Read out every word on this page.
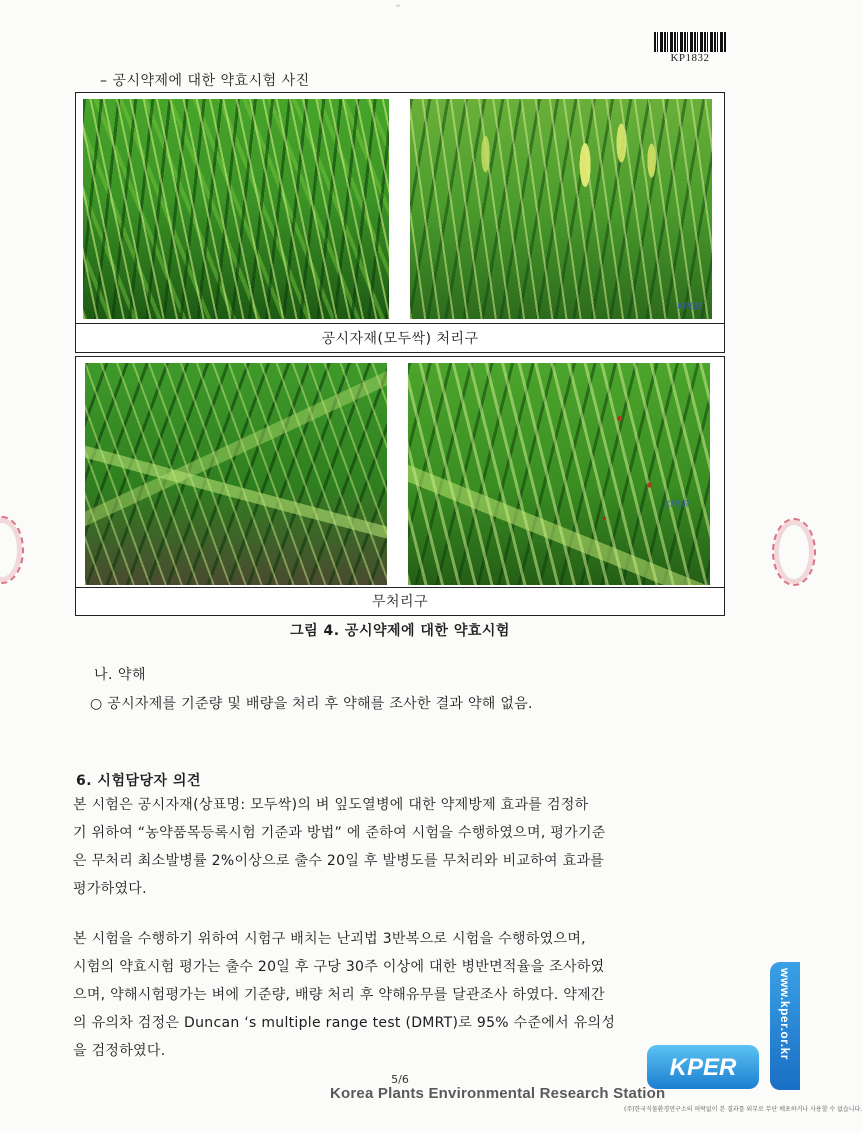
ᵕ
KP1832
– 공시약제에 대한 약효시험 사진
KPER
공시자재(모두싹) 처리구
KPER
무처리구
그림 4. 공시약제에 대한 약효시험
나. 약해
○ 공시자제를 기준량 및 배량을 처리 후 약해를 조사한 결과 약해 없음.
6. 시험담당자 의견
본 시험은 공시자재(상표명: 모두싹)의 벼 잎도열병에 대한 약제방제 효과를 검정하
기 위하여 “농약품목등록시험 기준과 방법” 에 준하여 시험을 수행하였으며, 평가기준
은 무처리 최소발병률 2%이상으로 출수 20일 후 발병도를 무처리와 비교하여 효과를
평가하였다.
본 시험을 수행하기 위하여 시험구 배치는 난괴법 3반복으로 시험을 수행하였으며,
시험의 약효시험 평가는 출수 20일 후 구당 30주 이상에 대한 병반면적율을 조사하였
으며, 약해시험평가는 벼에 기준량, 배량 처리 후 약해유무를 달관조사 하였다. 약제간
의 유의차 검정은 Duncan ‘s multiple range test (DMRT)로 95% 수준에서 유의성
을 검정하였다.	www.kper.or.kr
KPER
5/6
Korea Plants Environmental Research Station
(주)한국식물환경연구소의 허락없이 본 결과를 외부로 무단 배포하거나 사용할 수 없습니다.
